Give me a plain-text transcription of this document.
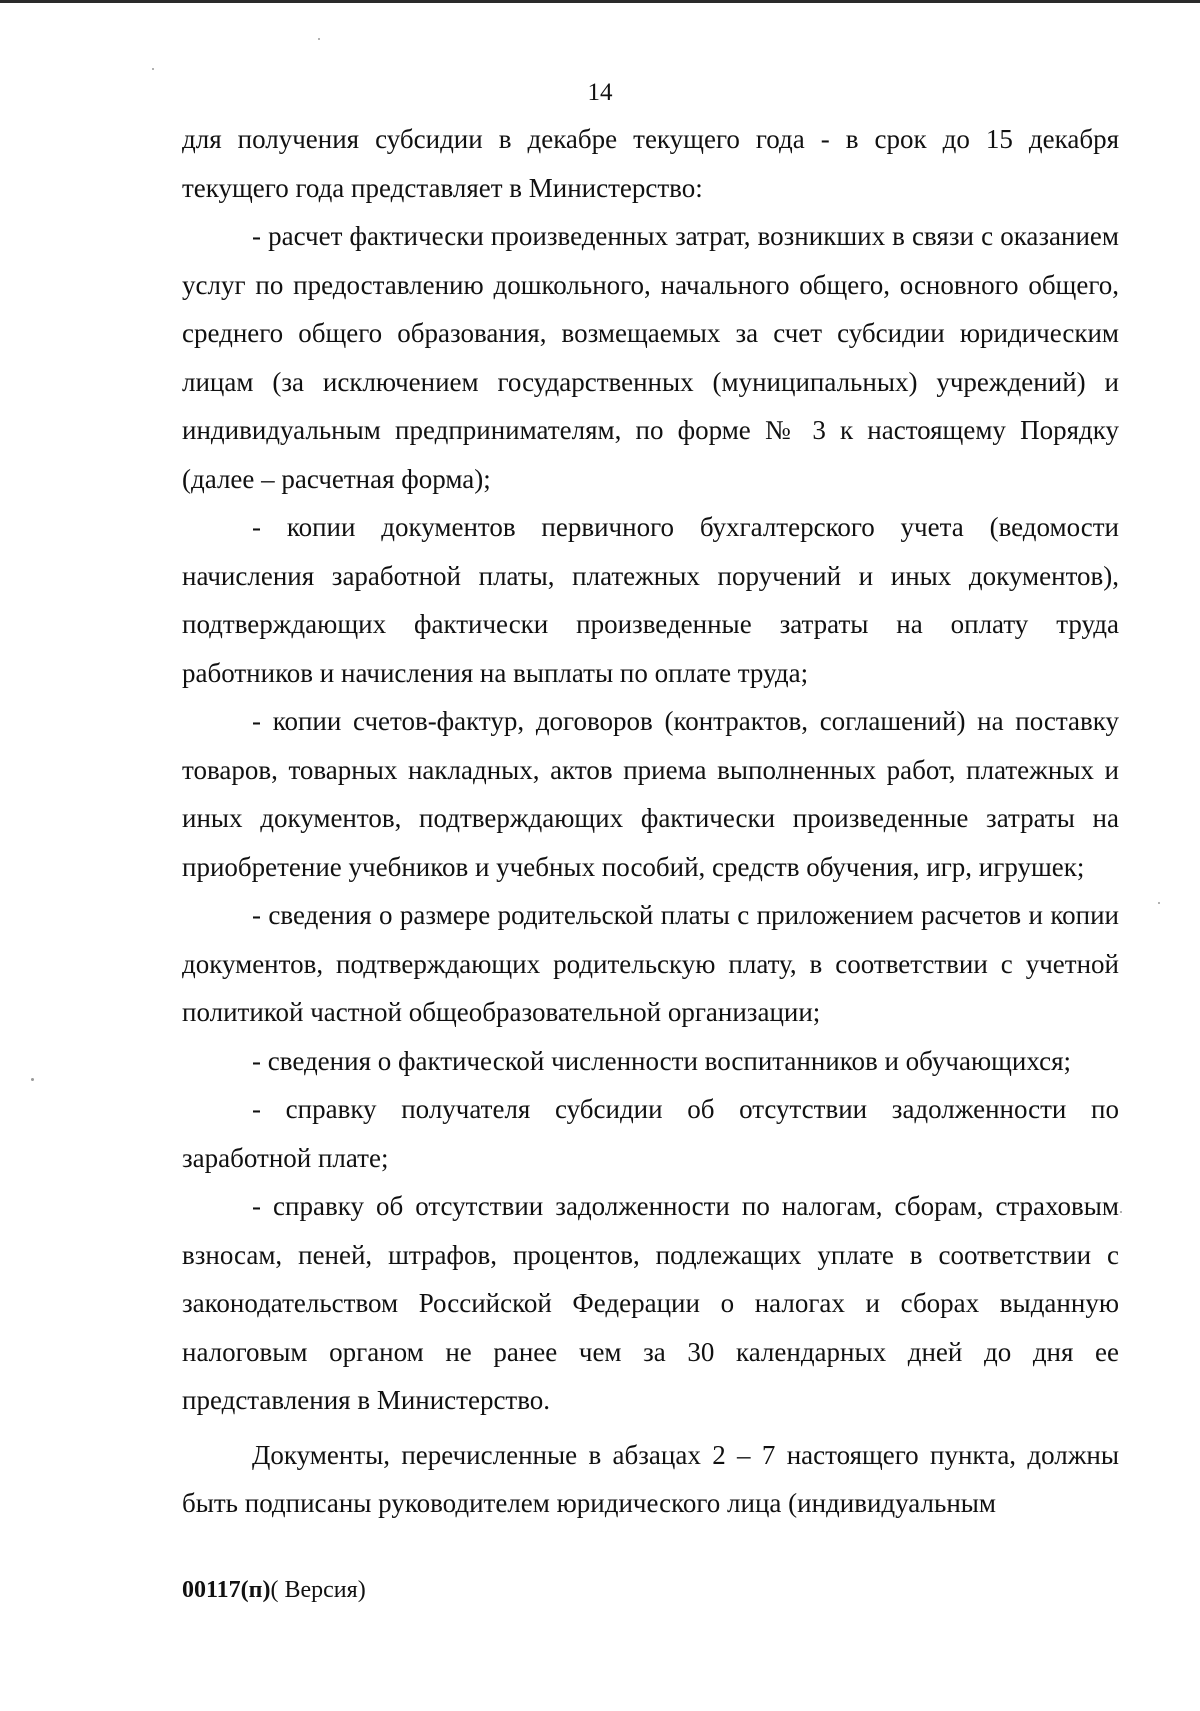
14

для получения субсидии в декабре текущего года - в срок до 15 декабря текущего года представляет в Министерство:

- расчет фактически произведенных затрат, возникших в связи с оказанием услуг по предоставлению дошкольного, начального общего, основного общего, среднего общего образования, возмещаемых за счет субсидии юридическим лицам (за исключением государственных (муниципальных) учреждений) и индивидуальным предпринимателям, по форме № 3 к настоящему Порядку (далее – расчетная форма);

- копии документов первичного бухгалтерского учета (ведомости начисления заработной платы, платежных поручений и иных документов), подтверждающих фактически произведенные затраты на оплату труда работников и начисления на выплаты по оплате труда;

- копии счетов-фактур, договоров (контрактов, соглашений) на поставку товаров, товарных накладных, актов приема выполненных работ, платежных и иных документов, подтверждающих фактически произведенные затраты на приобретение учебников и учебных пособий, средств обучения, игр, игрушек;

- сведения о размере родительской платы с приложением расчетов и копии документов, подтверждающих родительскую плату, в соответствии с учетной политикой частной общеобразовательной организации;

- сведения о фактической численности воспитанников и обучающихся;

- справку получателя субсидии об отсутствии задолженности по заработной плате;

- справку об отсутствии задолженности по налогам, сборам, страховым взносам, пеней, штрафов, процентов, подлежащих уплате в соответствии с законодательством Российской Федерации о налогах и сборах выданную налоговым органом не ранее чем за 30 календарных дней до дня ее представления в Министерство.

Документы, перечисленные в абзацах 2 – 7 настоящего пункта, должны быть подписаны руководителем юридического лица (индивидуальным

00117(п)( Версия)
